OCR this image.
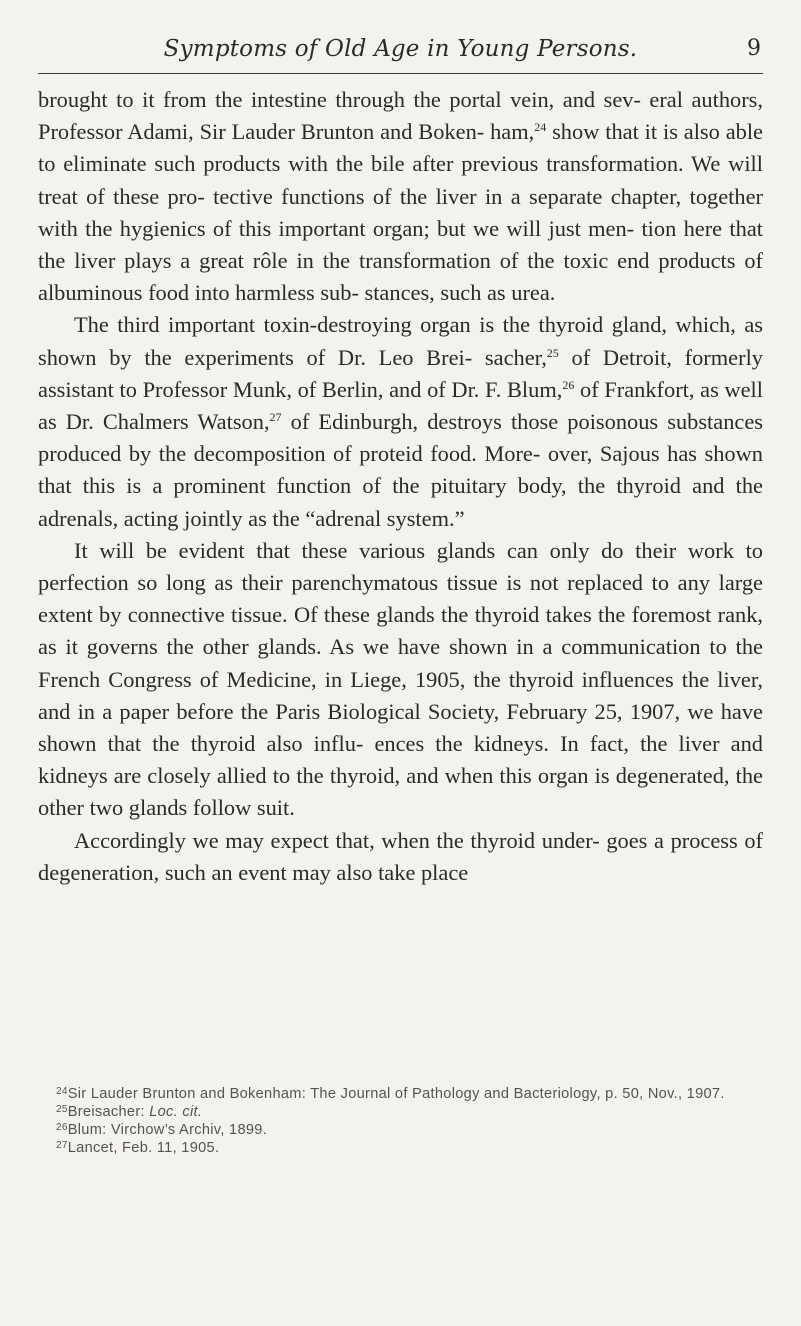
Symptoms of Old Age in Young Persons.	9

brought to it from the intestine through the portal vein, and sev- eral authors, Professor Adami, Sir Lauder Brunton and Boken- ham,$^{24}$ show that it is also able to eliminate such products with the bile after previous transformation. We will treat of these pro- tective functions of the liver in a separate chapter, together with the hygienics of this important organ; but we will just men- tion here that the liver plays a great rôle in the transformation of the toxic end products of albuminous food into harmless sub- stances, such as urea.

The third important toxin-destroying organ is the thyroid gland, which, as shown by the experiments of Dr. Leo Brei- sacher,$^{25}$ of Detroit, formerly assistant to Professor Munk, of Berlin, and of Dr. F. Blum,$^{26}$ of Frankfort, as well as Dr. Chalmers Watson,$^{27}$ of Edinburgh, destroys those poisonous substances produced by the decomposition of proteid food. More- over, Sajous has shown that this is a prominent function of the pituitary body, the thyroid and the adrenals, acting jointly as the “adrenal system.”

It will be evident that these various glands can only do their work to perfection so long as their parenchymatous tissue is not replaced to any large extent by connective tissue. Of these glands the thyroid takes the foremost rank, as it governs the other glands. As we have shown in a communication to the French Congress of Medicine, in Liege, 1905, the thyroid influences the liver, and in a paper before the Paris Biological Society, February 25, 1907, we have shown that the thyroid also influ- ences the kidneys. In fact, the liver and kidneys are closely allied to the thyroid, and when this organ is degenerated, the other two glands follow suit.

Accordingly we may expect that, when the thyroid under- goes a process of degeneration, such an event may also take place

$^{24}$Sir Lauder Brunton and Bokenham: The Journal of Pathology and Bacteriology, p. 50, Nov., 1907.

$^{25}$Breisacher: Loc. cit.

$^{26}$Blum: Virchow’s Archiv, 1899.

$^{27}$Lancet, Feb. 11, 1905.
